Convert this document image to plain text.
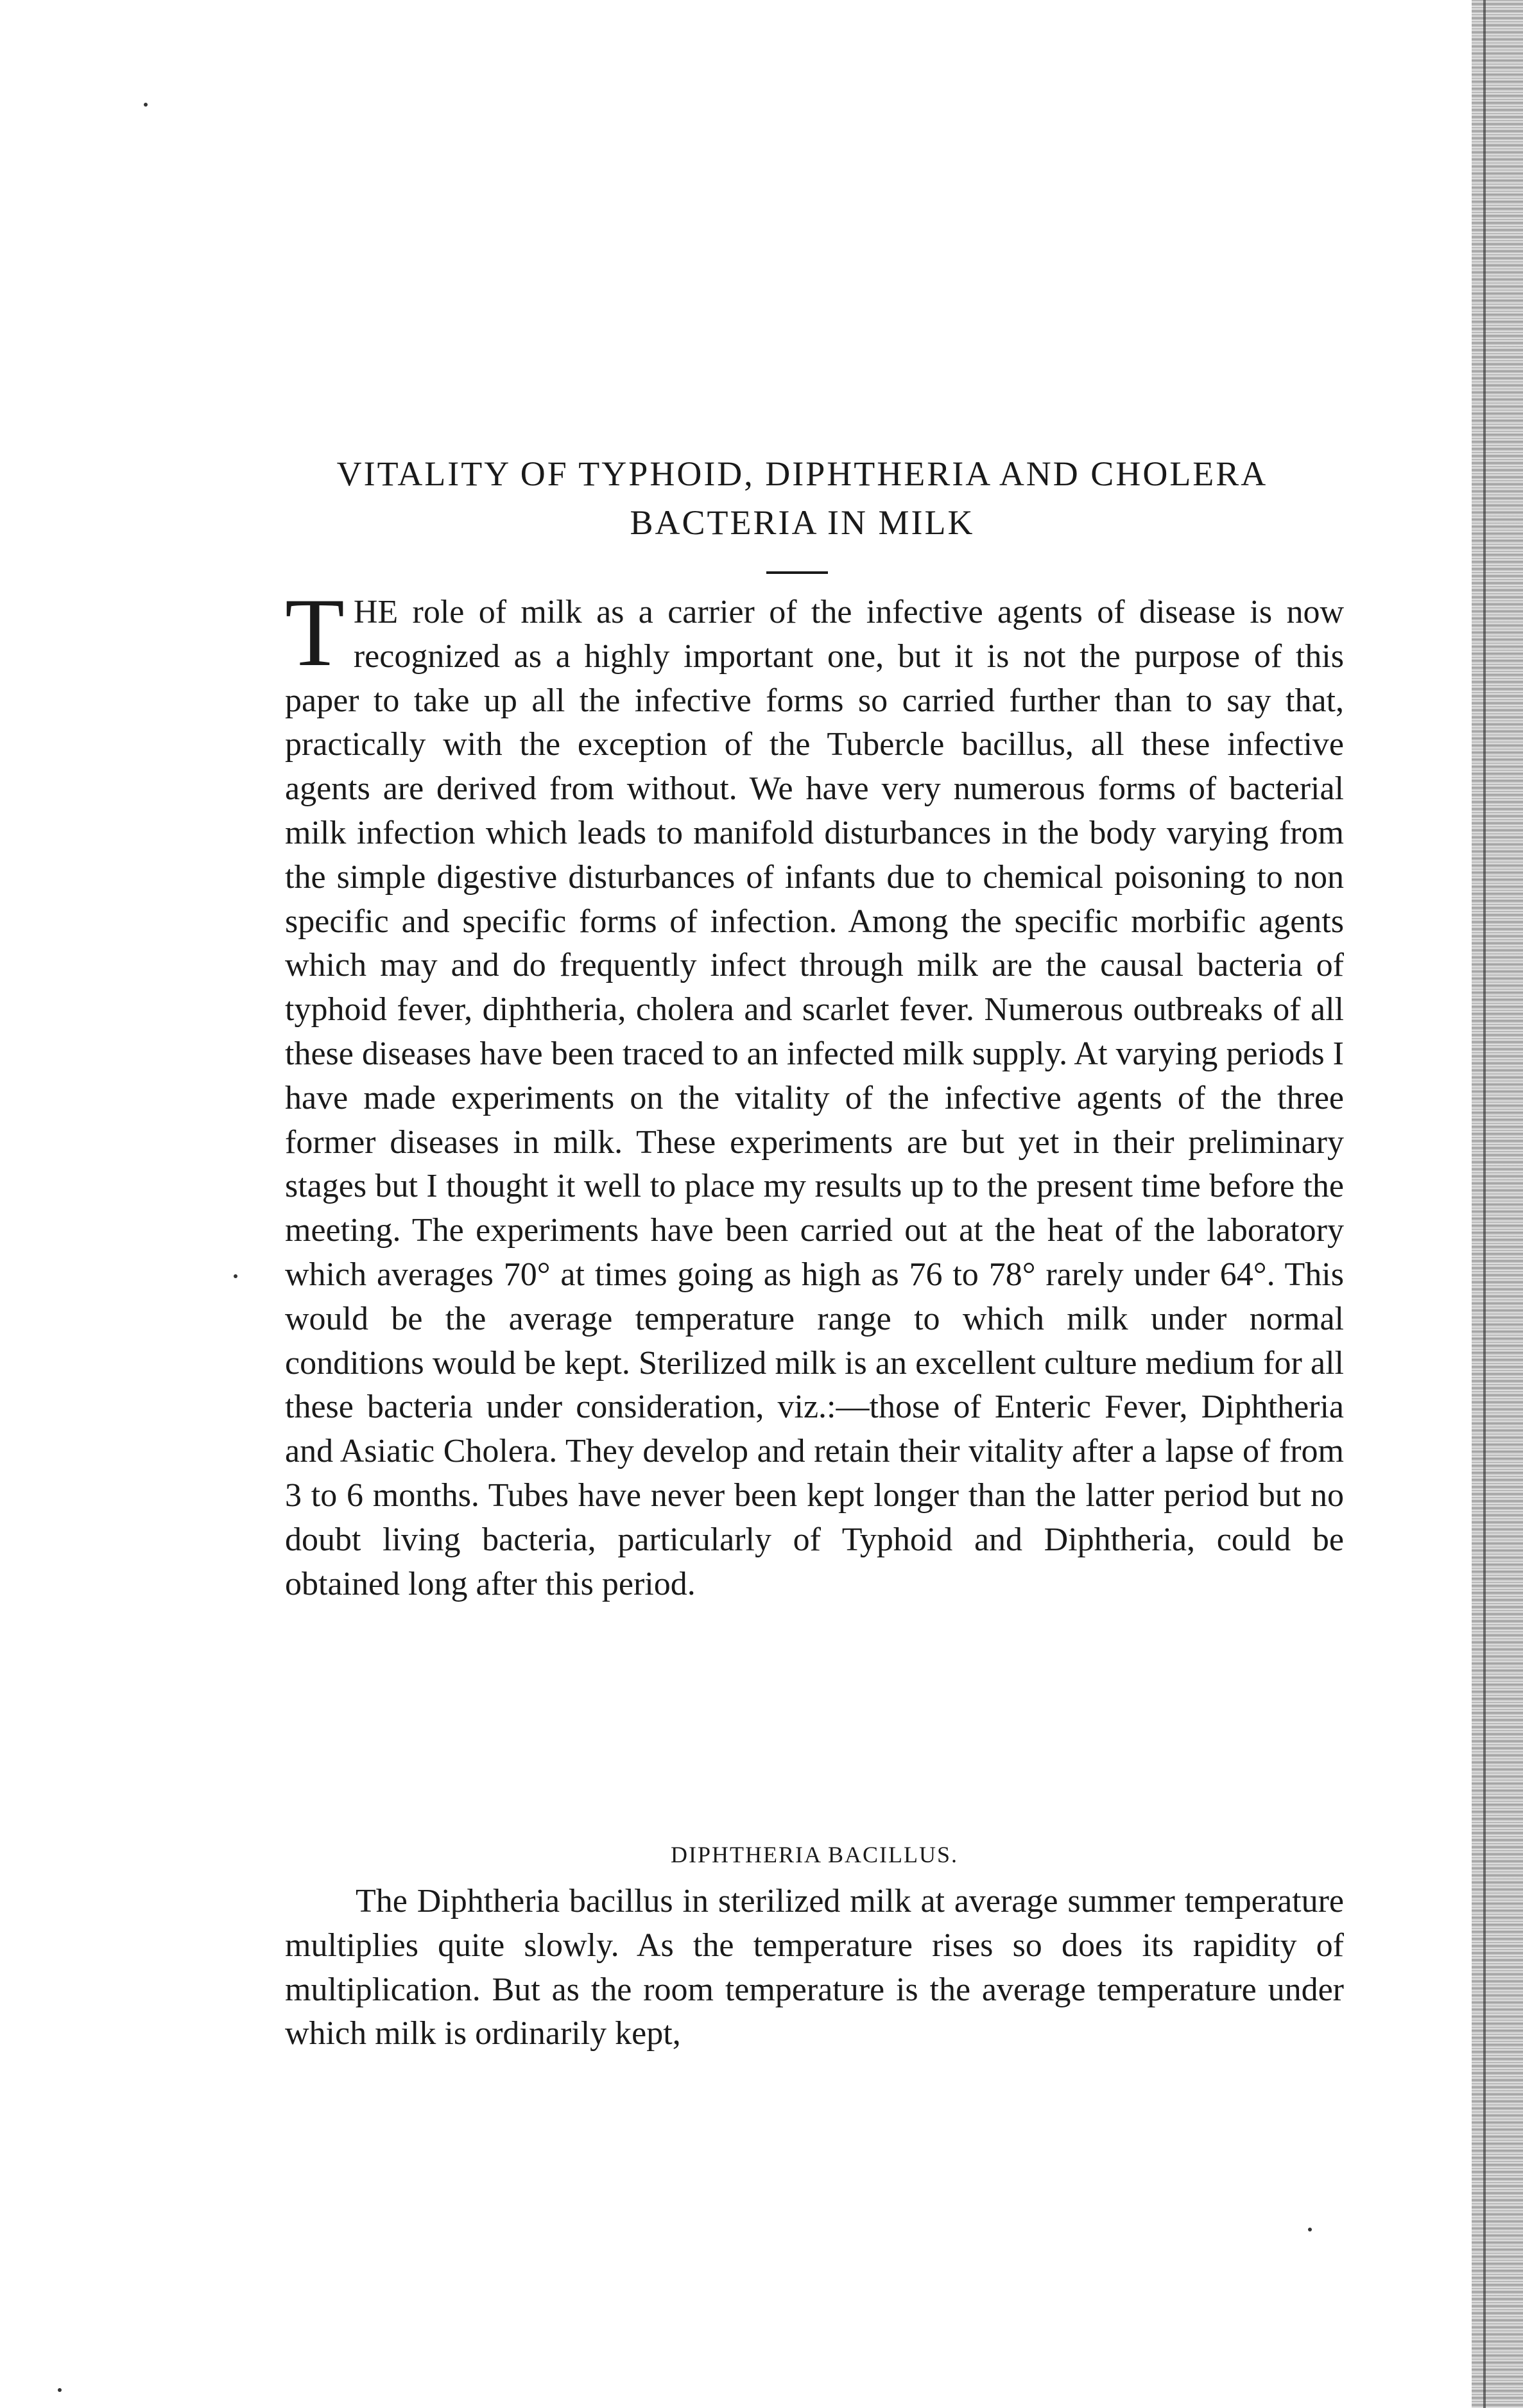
VITALITY OF TYPHOID, DIPHTHERIA AND CHOLERA BACTERIA IN MILK

THE role of milk as a carrier of the infective agents of disease is now recognized as a highly important one, but it is not the purpose of this paper to take up all the infective forms so carried further than to say that, practically with the exception of the Tubercle bacillus, all these infective agents are derived from without. We have very numerous forms of bacterial milk infection which leads to manifold disturbances in the body varying from the simple digestive disturbances of infants due to chemical poisoning to non specific and specific forms of infection. Among the specific morbific agents which may and do frequently infect through milk are the causal bacteria of typhoid fever, diphtheria, cholera and scarlet fever. Numerous outbreaks of all these diseases have been traced to an infected milk supply. At varying periods I have made experiments on the vitality of the infective agents of the three former diseases in milk. These experiments are but yet in their preliminary stages but I thought it well to place my results up to the present time before the meeting. The experiments have been carried out at the heat of the laboratory which averages 70° at times going as high as 76 to 78° rarely under 64°. This would be the average temperature range to which milk under normal conditions would be kept. Sterilized milk is an excellent culture medium for all these bacteria under consideration, viz.:—those of Enteric Fever, Diphtheria and Asiatic Cholera. They develop and retain their vitality after a lapse of from 3 to 6 months. Tubes have never been kept longer than the latter period but no doubt living bacteria, particularly of Typhoid and Diphtheria, could be obtained long after this period.

DIPHTHERIA BACILLUS.

The Diphtheria bacillus in sterilized milk at average summer temperature multiplies quite slowly. As the temperature rises so does its rapidity of multiplication. But as the room temperature is the average temperature under which milk is ordinarily kept,
